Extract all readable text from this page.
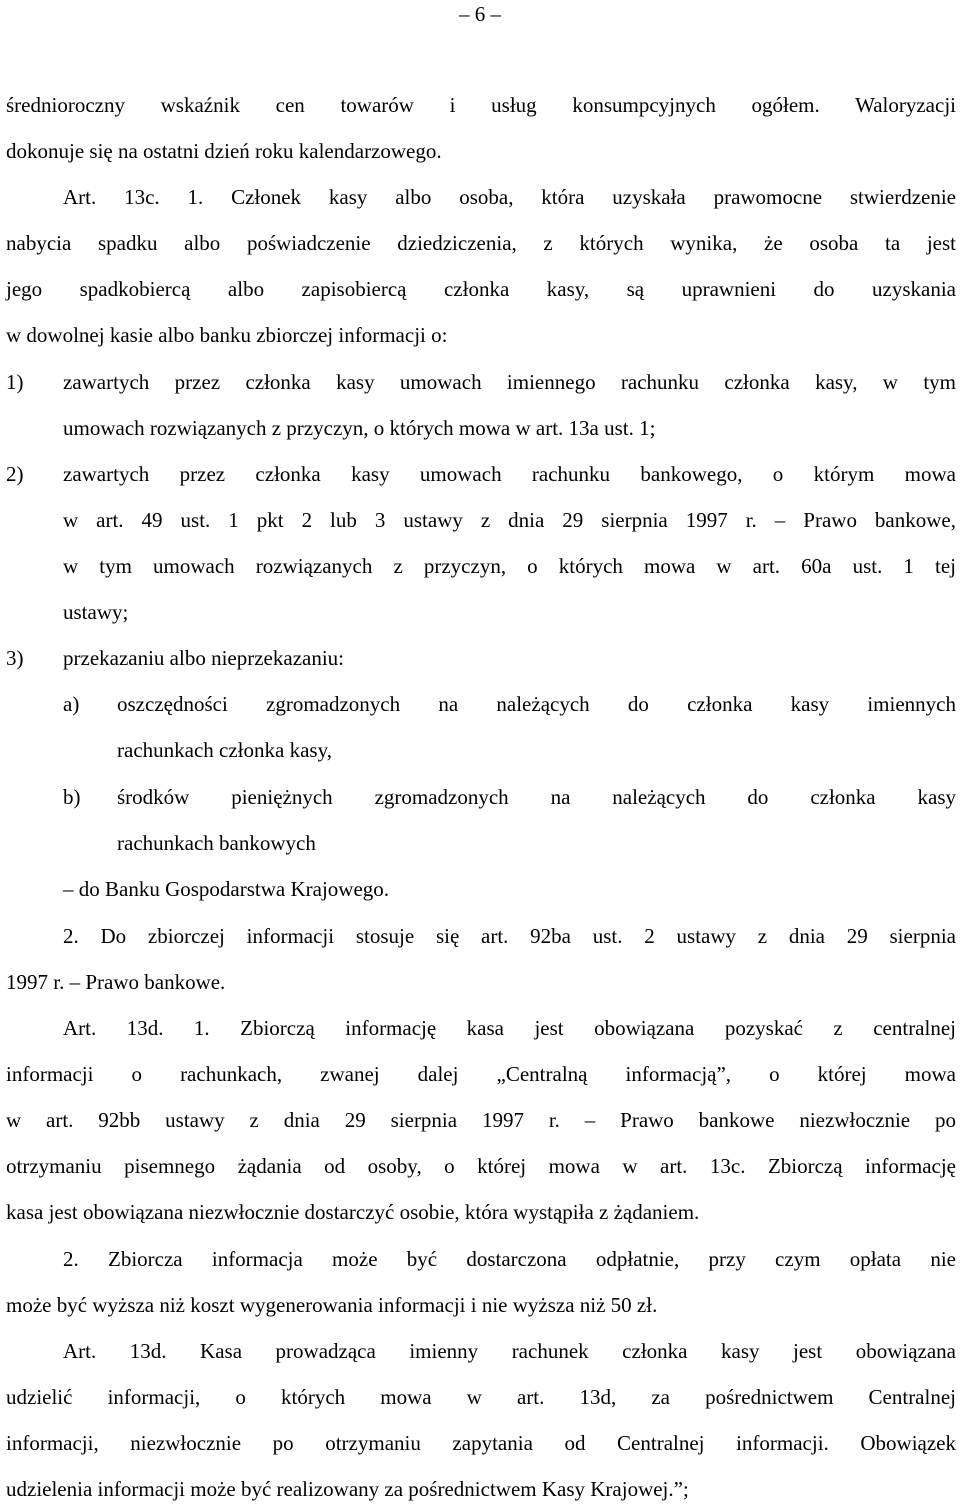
– 6 –
średnioroczny wskaźnik cen towarów i usług konsumpcyjnych ogółem. Waloryzacji
dokonuje się na ostatni dzień roku kalendarzowego.
Art. 13c. 1. Członek kasy albo osoba, która uzyskała prawomocne stwierdzenie
nabycia spadku albo poświadczenie dziedziczenia, z których wynika, że osoba ta jest
jego spadkobiercą albo zapisobiercą członka kasy, są uprawnieni do uzyskania
w dowolnej kasie albo banku zbiorczej informacji o:
1) zawartych przez członka kasy umowach imiennego rachunku członka kasy, w tym
umowach rozwiązanych z przyczyn, o których mowa w art. 13a ust. 1;
2) zawartych przez członka kasy umowach rachunku bankowego, o którym mowa
w art. 49 ust. 1 pkt 2 lub 3 ustawy z dnia 29 sierpnia 1997 r. – Prawo bankowe,
w tym umowach rozwiązanych z przyczyn, o których mowa w art. 60a ust. 1 tej
ustawy;
3) przekazaniu albo nieprzekazaniu:
a) oszczędności zgromadzonych na należących do członka kasy imiennych
rachunkach członka kasy,
b) środków pieniężnych zgromadzonych na należących do członka kasy
rachunkach bankowych
– do Banku Gospodarstwa Krajowego.
2. Do zbiorczej informacji stosuje się art. 92ba ust. 2 ustawy z dnia 29 sierpnia
1997 r. – Prawo bankowe.
Art. 13d. 1. Zbiorczą informację kasa jest obowiązana pozyskać z centralnej
informacji o rachunkach, zwanej dalej „Centralną informacją”, o której mowa
w art. 92bb ustawy z dnia 29 sierpnia 1997 r. – Prawo bankowe niezwłocznie po
otrzymaniu pisemnego żądania od osoby, o której mowa w art. 13c. Zbiorczą informację
kasa jest obowiązana niezwłocznie dostarczyć osobie, która wystąpiła z żądaniem.
2. Zbiorcza informacja może być dostarczona odpłatnie, przy czym opłata nie
może być wyższa niż koszt wygenerowania informacji i nie wyższa niż 50 zł.
Art. 13d. Kasa prowadząca imienny rachunek członka kasy jest obowiązana
udzielić informacji, o których mowa w art. 13d, za pośrednictwem Centralnej
informacji, niezwłocznie po otrzymaniu zapytania od Centralnej informacji. Obowiązek
udzielenia informacji może być realizowany za pośrednictwem Kasy Krajowej.”;
